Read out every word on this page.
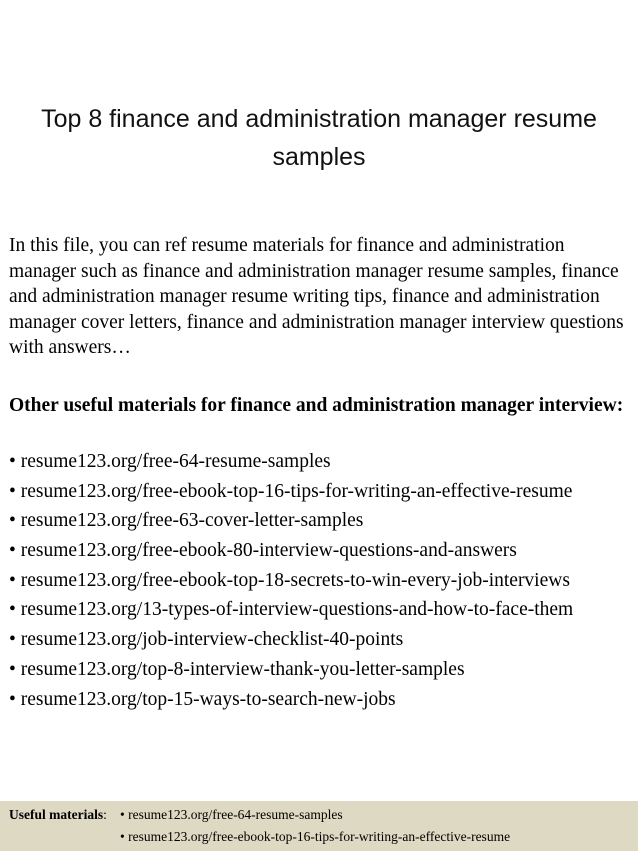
Top 8 finance and administration manager resume samples
In this file, you can ref resume materials for finance and administration manager such as finance and administration manager resume samples, finance and administration manager resume writing tips, finance and administration manager cover letters, finance and administration manager interview questions with answers…
Other useful materials for finance and administration manager interview:
• resume123.org/free-64-resume-samples
• resume123.org/free-ebook-top-16-tips-for-writing-an-effective-resume
• resume123.org/free-63-cover-letter-samples
• resume123.org/free-ebook-80-interview-questions-and-answers
• resume123.org/free-ebook-top-18-secrets-to-win-every-job-interviews
• resume123.org/13-types-of-interview-questions-and-how-to-face-them
• resume123.org/job-interview-checklist-40-points
• resume123.org/top-8-interview-thank-you-letter-samples
• resume123.org/top-15-ways-to-search-new-jobs
Useful materials: • resume123.org/free-64-resume-samples
• resume123.org/free-ebook-top-16-tips-for-writing-an-effective-resume
